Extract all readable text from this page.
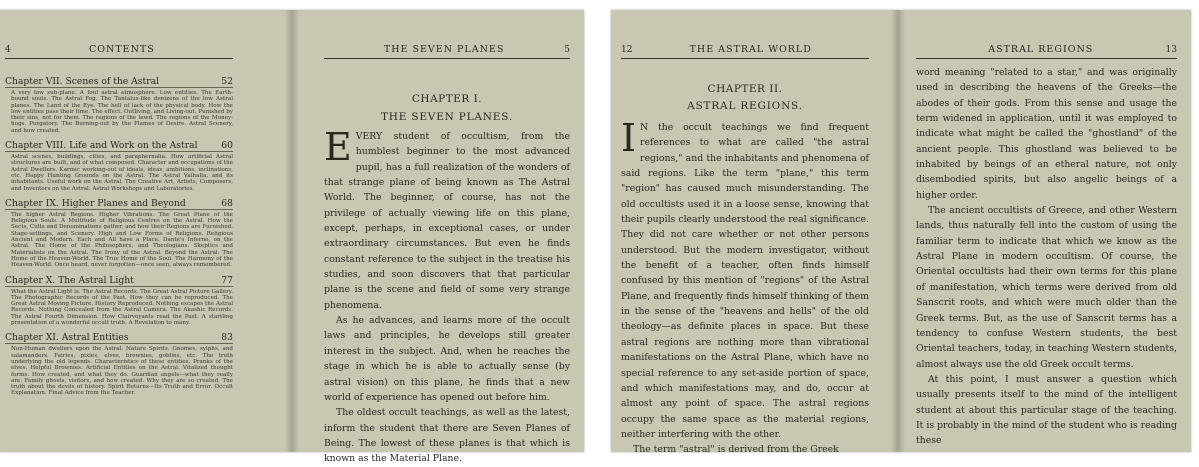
4	CONTENTS
Chapter VII. Scenes of the Astral	52
A very low sub-plane. A foul astral atmosphere. Low entities. The Earth-bound souls. The Astral Fog. The Tantalus-like denizens of the low Astral planes. The Land of the Eye. The hell of lack of the physical body. How the low entities pass their time. The effect. Outliving, and Living-out. Punished by their sins, not for them. The regions of the lewd. The regions of the Money-hogs. Purgatory. The Burning-out by the Flames of Desire. Astral Scenery, and how created.
Chapter VIII. Life and Work on the Astral	60
Astral scenes, buildings, cities, and paraphernalia. How artificial Astral structures are built, and of what composed. Character and occupations of the Astral Dwellers. Karmic working-out of ideals, ideas, ambitions, inclinations, etc. Happy Hunting Grounds on the Astral. The Astral Valhalla, and its inhabitants. Useful work on the Astral. The Creative Art, Artists, Composers, and Inventors on the Astral. Astral Workshops and Laboratories.
Chapter IX. Higher Planes and Beyond	68
The higher Astral Regions. Higher Vibrations. The Great Plane of the Religious Souls. A Multitude of Religious Centres on the Astral. How the Sects, Cults and Denominations gather, and how their Regions are Furnished. Stage-settings, and Scenery. High and Low Forms of Religions. Religious Ancient and Modern. Each and All have a Place. Dante's Inferno, on the Astral. The Home of the Philosophers, and Theologians. Skeptics and Materialists on the Astral. The Irony of the Astral. Beyond the Astral. The Home of the Heaven-World. The True Home of the Soul. The Harmony of the Heaven-World. Once heard, never forgotten—once seen, always remembered.
Chapter X. The Astral Light	77
What the Astral Light is. The Astral Records. The Great Astral Picture Gallery. The Photographic Records of the Past. How they can be reproduced. The Great Astral Moving Picture. History Reproduced. Nothing escapes the Astral Records. Nothing Concealed from the Astral Camera. The Akashic Records. The Astral Fourth Dimension. How Clairvoyants read the Past. A startling presentation of a wonderful occult truth. A Revelation to many.
Chapter XI. Astral Entities	83
Non-Human dwellers upon the Astral. Nature Spirits. Gnomes, sylphs, and salamanders. Fairies, pixies, elves, brownies, goblins, etc. The truth underlying the old legends. Characteristics of these entities. Pranks of the elves. Helpful Brownies. Artificial Entities on the Astral. Vitalized thought forms. How created, and what they do. Guardian angels—what they really are. Family ghosts, visitors, and how created. Why they are so created. The truth about the devils of history. Spirit Returns—Its Truth and Error. Occult Explanation. Final Advice from the Teacher.
THE SEVEN PLANES	5
CHAPTER I.
THE SEVEN PLANES.

EVERY student of occultism, from the humblest beginner to the most advanced pupil, has a full realization of the wonders of that strange plane of being known as The Astral World. The beginner, of course, has not the privilege of actually viewing life on this plane, except, perhaps, in exceptional cases, or under extraordinary circumstances. But even he finds constant reference to the subject in the treatise his studies, and soon discovers that that particular plane is the scene and field of some very strange phenomena.

As he advances, and learns more of the occult laws and principles, he develops still greater interest in the subject. And, when he reaches the stage in which he is able to actually sense (by astral vision) on this plane, he finds that a new world of experience has opened out before him.

The oldest occult teachings, as well as the latest, inform the student that there are Seven Planes of Being. The lowest of these planes is that which is known as the Material Plane.

12	THE ASTRAL WORLD
CHAPTER II.
ASTRAL REGIONS.

I N the occult teachings we find frequent references to what are called "the astral regions," and the inhabitants and phenomena of said regions. Like the term "plane," this term "region" has caused much misunderstanding. The old occultists used it in a loose sense, knowing that their pupils clearly understood the real significance. They did not care whether or not other persons understood. But the modern investigator, without the benefit of a teacher, often finds himself confused by this mention of "regions" of the Astral Plane, and frequently finds himself thinking of them in the sense of the "heavens and hells" of the old theology—as definite places in space. But these astral regions are nothing more than vibrational manifestations on the Astral Plane, which have no special reference to any set-aside portion of space, and which manifestations may, and do, occur at almost any point of space. The astral regions occupy the same space as the material regions, neither interfering with the other.

The term "astral" is derived from the Greek

ASTRAL REGIONS	13

word meaning "related to a star," and was originally used in describing the heavens of the Greeks—the abodes of their gods. From this sense and usage the term widened in application, until it was employed to indicate what might be called the "ghostland" of the ancient people. This ghostland was believed to be inhabited by beings of an etheral nature, not only disembodied spirits, but also angelic beings of a higher order.

The ancient occultists of Greece, and other Western lands, thus naturally fell into the custom of using the familiar term to indicate that which we know as the Astral Plane in modern occultism. Of course, the Oriental occultists had their own terms for this plane of manifestation, which terms were derived from old Sanscrit roots, and which were much older than the Greek terms. But, as the use of Sanscrit terms has a tendency to confuse Western students, the best Oriental teachers, today, in teaching Western students, almost always use the old Greek occult terms.

At this point, I must answer a question which usually presents itself to the mind of the intelligent student at about this particular stage of the teaching. It is probably in the mind of the student who is reading these
